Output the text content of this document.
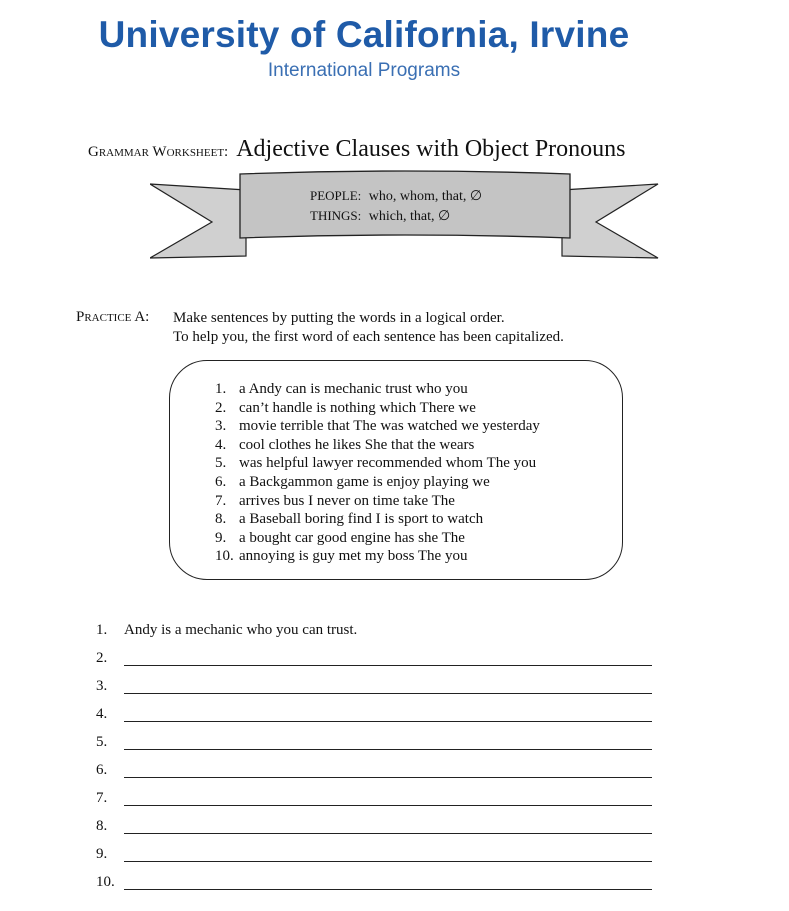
University of California, Irvine
International Programs
Grammar Worksheet: Adjective Clauses with Object Pronouns
PEOPLE: who, whom, that, ∅
THINGS: which, that, ∅
Practice A: Make sentences by putting the words in a logical order.
To help you, the first word of each sentence has been capitalized.
1. a Andy can is mechanic trust who you
2. can’t handle is nothing which There we
3. movie terrible that The was watched we yesterday
4. cool clothes he likes She that the wears
5. was helpful lawyer recommended whom The you
6. a Backgammon game is enjoy playing we
7. arrives bus I never on time take The
8. a Baseball boring find I is sport to watch
9. a bought car good engine has she The
10. annoying is guy met my boss The you
1. Andy is a mechanic who you can trust.
2.
3.
4.
5.
6.
7.
8.
9.
10.
